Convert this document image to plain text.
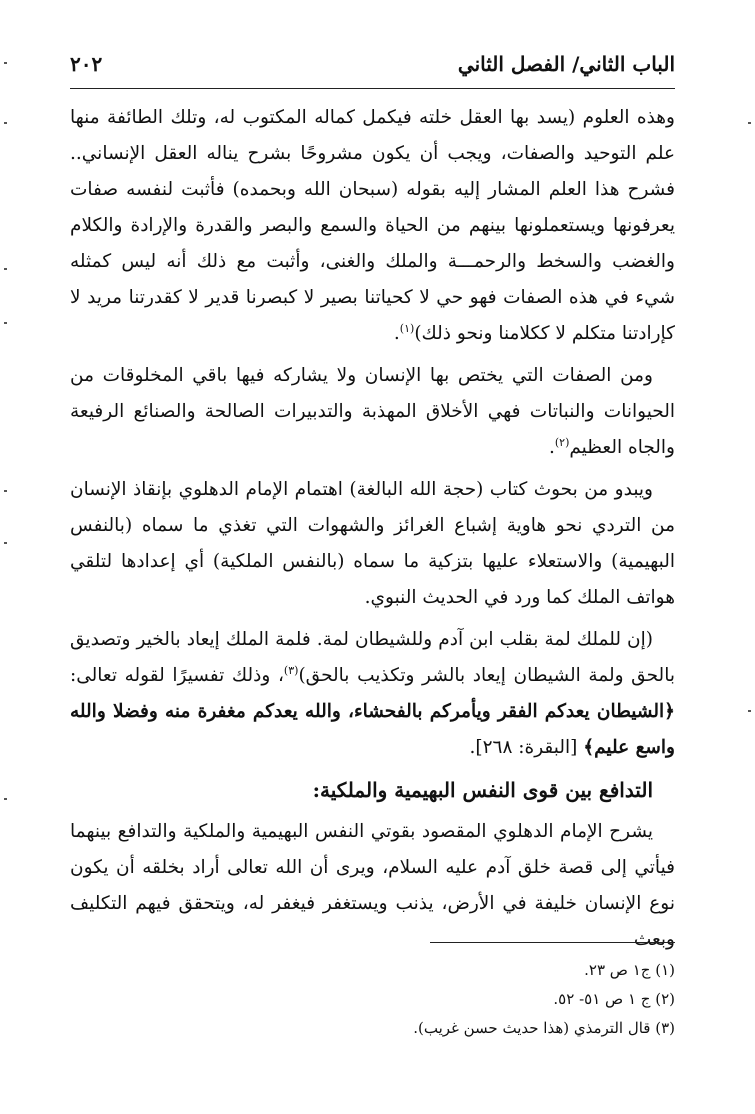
الباب الثاني/ الفصل الثاني
٢٠٢

وهذه العلوم (يسد بها العقل خلته فيكمل كماله المكتوب له، وتلك الطائفة منها علم التوحيد والصفات، ويجب أن يكون مشروحًا بشرح يناله العقل الإنساني.. فشرح هذا العلم المشار إليه بقوله (سبحان الله وبحمده) فأثبت لنفسه صفات يعرفونها ويستعملونها بينهم من الحياة والسمع والبصر والقدرة والإرادة والكلام والغضب والسخط والرحمـــة والملك والغنى، وأثبت مع ذلك أنه ليس كمثله شيء في هذه الصفات فهو حي لا كحياتنا بصير لا كبصرنا قدير لا كقدرتنا مريد لا كإرادتنا متكلم لا ككلامنا ونحو ذلك)$^{(١)}$.

ومن الصفات التي يختص بها الإنسان ولا يشاركه فيها باقي المخلوقات من الحيوانات والنباتات فهي الأخلاق المهذبة والتدبيرات الصالحة والصنائع الرفيعة والجاه العظيم$^{(٢)}$.

ويبدو من بحوث كتاب (حجة الله البالغة) اهتمام الإمام الدهلوي بإنقاذ الإنسان من التردي نحو هاوية إشباع الغرائز والشهوات التي تغذي ما سماه (بالنفس البهيمية) والاستعلاء عليها بتزكية ما سماه (بالنفس الملكية) أي إعدادها لتلقي هواتف الملك كما ورد في الحديث النبوي.

(إن للملك لمة بقلب ابن آدم وللشيطان لمة. فلمة الملك إيعاد بالخير وتصديق بالحق ولمة الشيطان إيعاد بالشر وتكذيب بالحق)$^{(٣)}$، وذلك تفسيرًا لقوله تعالى: ﴿الشيطان يعدكم الفقر ويأمركم بالفحشاء، والله يعدكم مغفرة منه وفضلا والله واسع عليم﴾ [البقرة: ٢٦٨].

التدافع بين قوى النفس البهيمية والملكية:

يشرح الإمام الدهلوي المقصود بقوتي النفس البهيمية والملكية والتدافع بينهما فيأتي إلى قصة خلق آدم عليه السلام، ويرى أن الله تعالى أراد بخلقه أن يكون نوع الإنسان خليفة في الأرض، يذنب ويستغفر فيغفر له، ويتحقق فيهم التكليف وبعث

(١) ج١ ص ٢٣.
(٢) ج ١ ص ٥١- ٥٢.
(٣) قال الترمذي (هذا حديث حسن غريب).
